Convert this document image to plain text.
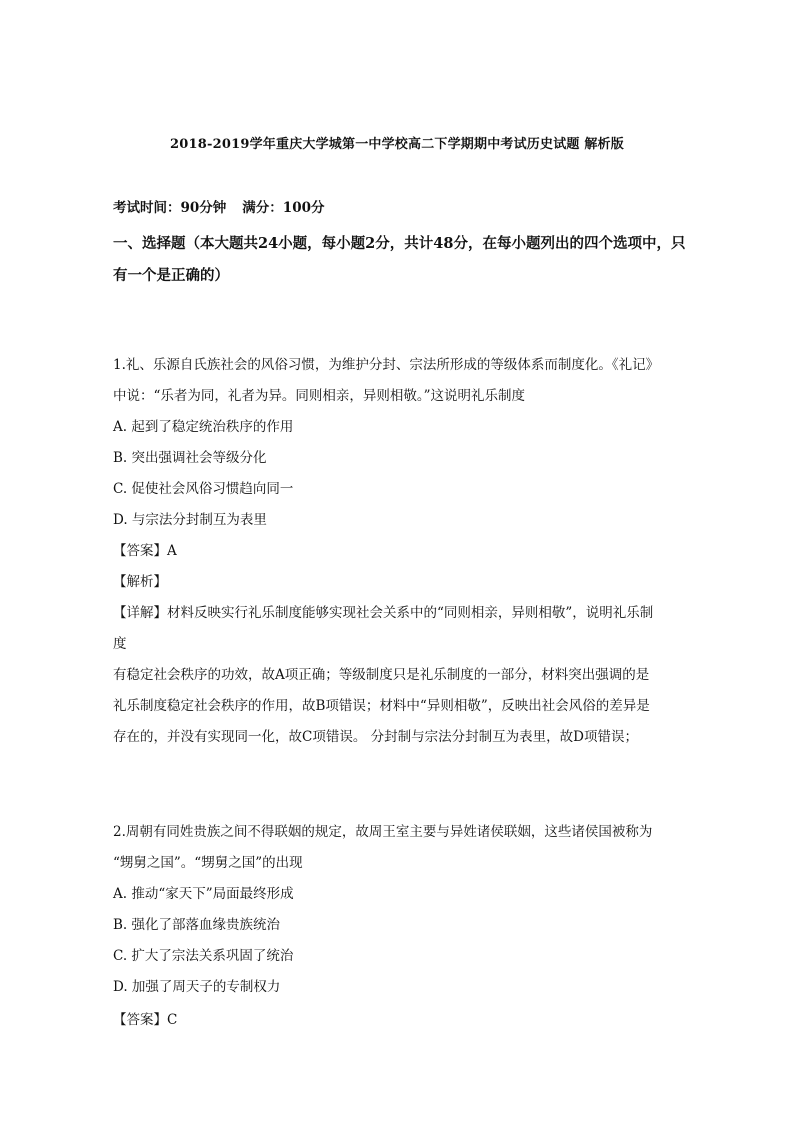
2018-2019学年重庆大学城第一中学校高二下学期期中考试历史试题 解析版
考试时间：90分钟 满分：100分
一、选择题（本大题共24小题，每小题2分，共计48分，在每小题列出的四个选项中，只有一个是正确的）
1.礼、乐源自氏族社会的风俗习惯，为维护分封、宗法所形成的等级体系而制度化。《礼记》
中说：“乐者为同，礼者为异。同则相亲，异则相敬。”这说明礼乐制度
A. 起到了稳定统治秩序的作用
B. 突出强调社会等级分化
C. 促使社会风俗习惯趋向同一
D. 与宗法分封制互为表里
【答案】A
【解析】
【详解】材料反映实行礼乐制度能够实现社会关系中的“同则相亲，异则相敬”，说明礼乐制
度
有稳定社会秩序的功效，故A项正确；等级制度只是礼乐制度的一部分，材料突出强调的是
礼乐制度稳定社会秩序的作用，故B项错误；材料中“异则相敬”，反映出社会风俗的差异是
存在的，并没有实现同一化，故C项错误。 分封制与宗法分封制互为表里，故D项错误；
2.周朝有同姓贵族之间不得联姻的规定，故周王室主要与异姓诸侯联姻，这些诸侯国被称为
“甥舅之国”。“甥舅之国”的出现
A. 推动“家天下”局面最终形成
B. 强化了部落血缘贵族统治
C. 扩大了宗法关系巩固了统治
D. 加强了周天子的专制权力
【答案】C
